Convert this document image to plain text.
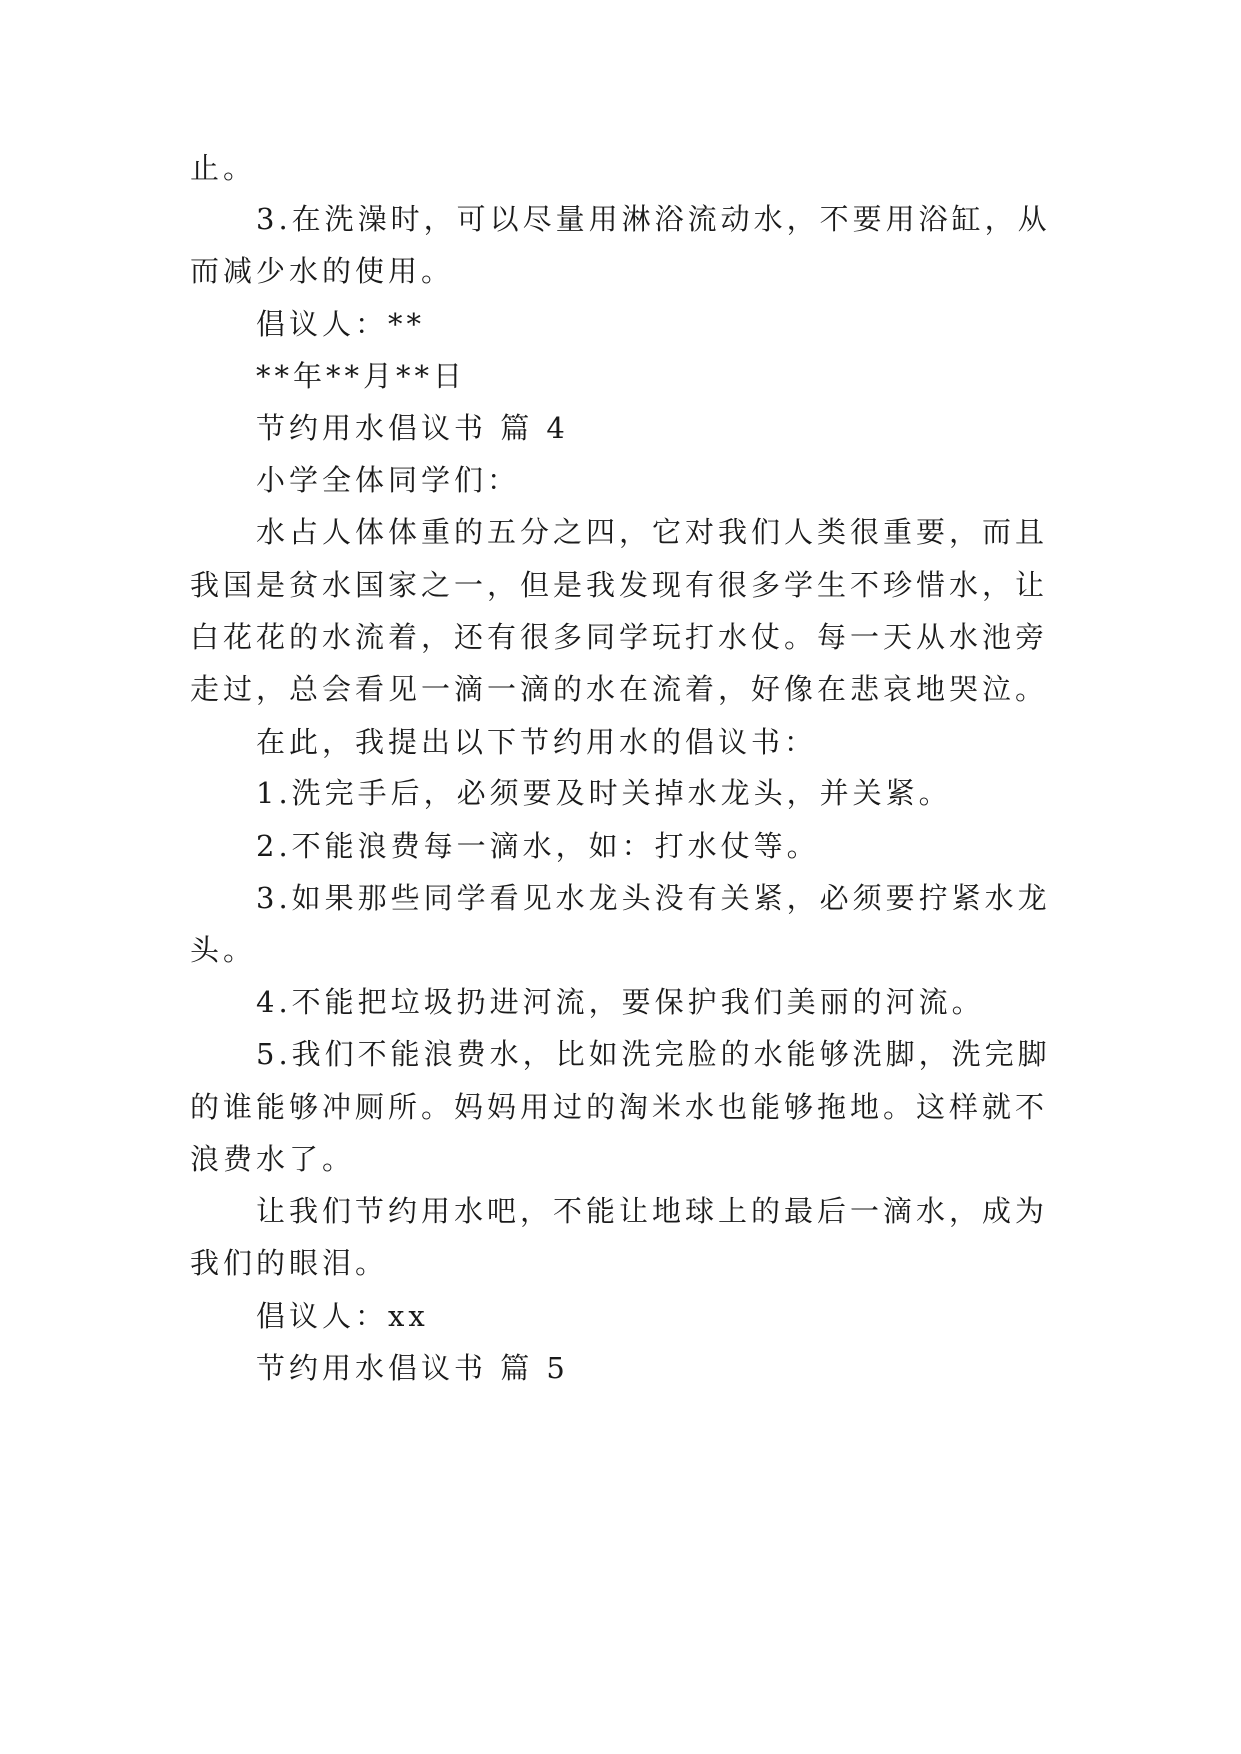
止。
3.在洗澡时，可以尽量用淋浴流动水，不要用浴缸，从
而减少水的使用。
倡议人：**
**年**月**日
节约用水倡议书 篇 4
小学全体同学们：
水占人体体重的五分之四，它对我们人类很重要，而且
我国是贫水国家之一，但是我发现有很多学生不珍惜水，让
白花花的水流着，还有很多同学玩打水仗。每一天从水池旁
走过，总会看见一滴一滴的水在流着，好像在悲哀地哭泣。
在此，我提出以下节约用水的倡议书：
1.洗完手后，必须要及时关掉水龙头，并关紧。
2.不能浪费每一滴水，如：打水仗等。
3.如果那些同学看见水龙头没有关紧，必须要拧紧水龙
头。
4.不能把垃圾扔进河流，要保护我们美丽的河流。
5.我们不能浪费水，比如洗完脸的水能够洗脚，洗完脚
的谁能够冲厕所。妈妈用过的淘米水也能够拖地。这样就不
浪费水了。
让我们节约用水吧，不能让地球上的最后一滴水，成为
我们的眼泪。
倡议人：xx
节约用水倡议书 篇 5
